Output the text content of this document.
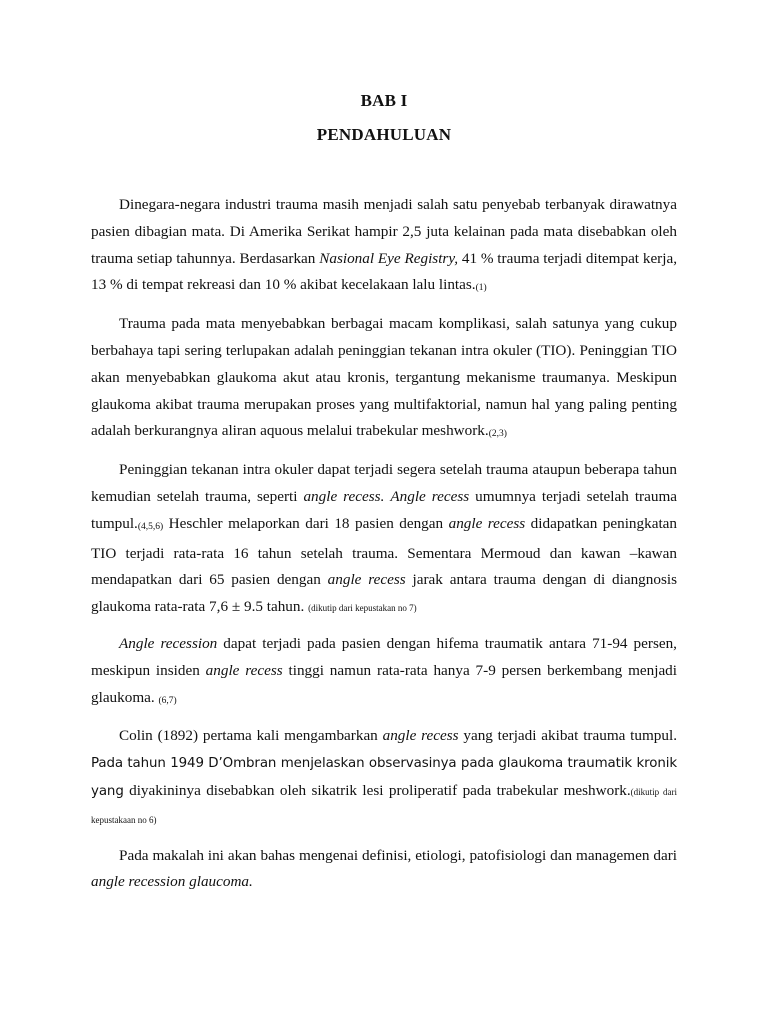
BAB I
PENDAHULUAN

Dinegara-negara industri trauma masih menjadi salah satu penyebab terbanyak dirawatnya pasien dibagian mata. Di Amerika Serikat hampir 2,5 juta kelainan pada mata disebabkan oleh trauma setiap tahunnya. Berdasarkan Nasional Eye Registry, 41 % trauma terjadi ditempat kerja, 13 % di tempat rekreasi dan 10 % akibat kecelakaan lalu lintas.(1)

Trauma pada mata menyebabkan berbagai macam komplikasi, salah satunya yang cukup berbahaya tapi sering terlupakan adalah peninggian tekanan intra okuler (TIO). Peninggian TIO akan menyebabkan glaukoma akut atau kronis, tergantung mekanisme traumanya. Meskipun glaukoma akibat trauma merupakan proses yang multifaktorial, namun hal yang paling penting adalah berkurangnya aliran aquous melalui trabekular meshwork.(2,3)

Peninggian tekanan intra okuler dapat terjadi segera setelah trauma ataupun beberapa tahun kemudian setelah trauma, seperti angle recess. Angle recess umumnya terjadi setelah trauma tumpul.(4,5,6) Heschler melaporkan dari 18 pasien dengan angle recess didapatkan peningkatan TIO terjadi rata-rata 16 tahun setelah trauma. Sementara Mermoud dan kawan –kawan mendapatkan dari 65 pasien dengan angle recess jarak antara trauma dengan di diangnosis glaukoma rata-rata 7,6 ± 9.5 tahun. (dikutip dari kepustakan no 7)

Angle recession dapat terjadi pada pasien dengan hifema traumatik antara 71-94 persen, meskipun insiden angle recess tinggi namun rata-rata hanya 7-9 persen berkembang menjadi glaukoma. (6,7)

Colin (1892) pertama kali mengambarkan angle recess yang terjadi akibat trauma tumpul. Pada tahun 1949 D’Ombran menjelaskan observasinya pada glaukoma traumatik kronik yang diyakininya disebabkan oleh sikatrik lesi proliperatif pada trabekular meshwork.(dikutip dari kepustakaan no 6)

Pada makalah ini akan bahas mengenai definisi, etiologi, patofisiologi dan managemen dari angle recession glaucoma.
